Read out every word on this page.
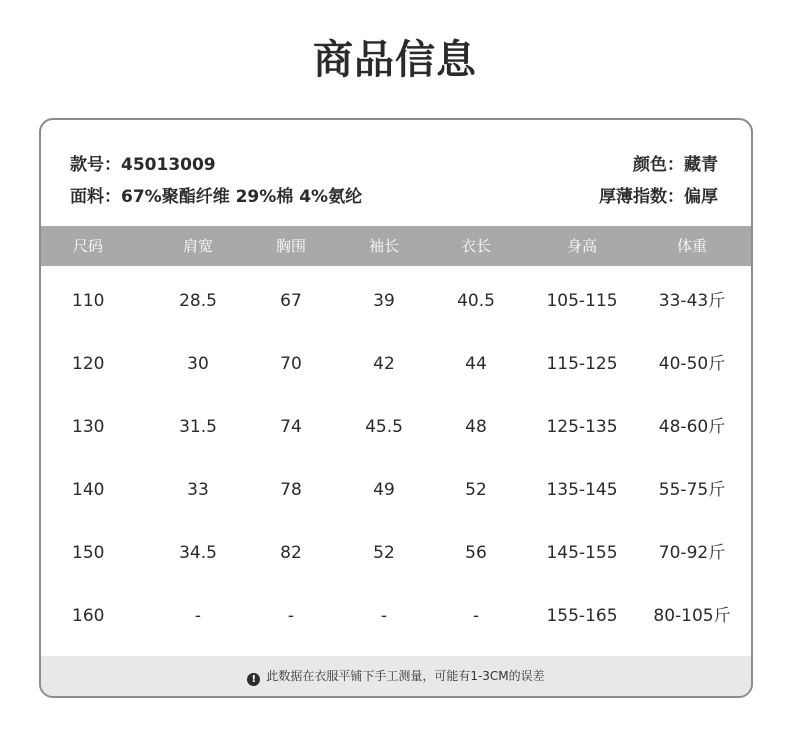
商品信息
款号：45013009
面料：67%聚酯纤维 29%棉 4%氨纶
颜色：藏青
厚薄指数：偏厚
尺码	肩宽	胸围	袖长	衣长	身高	体重
110	28.5	67	39	40.5	105-115	33-43斤
120	30	70	42	44	115-125	40-50斤
130	31.5	74	45.5	48	125-135	48-60斤
140	33	78	49	52	135-145	55-75斤
150	34.5	82	52	56	145-155	70-92斤
160	-	-	-	-	155-165	80-105斤
! 此数据在衣服平铺下手工测量，可能有1-3CM的误差
